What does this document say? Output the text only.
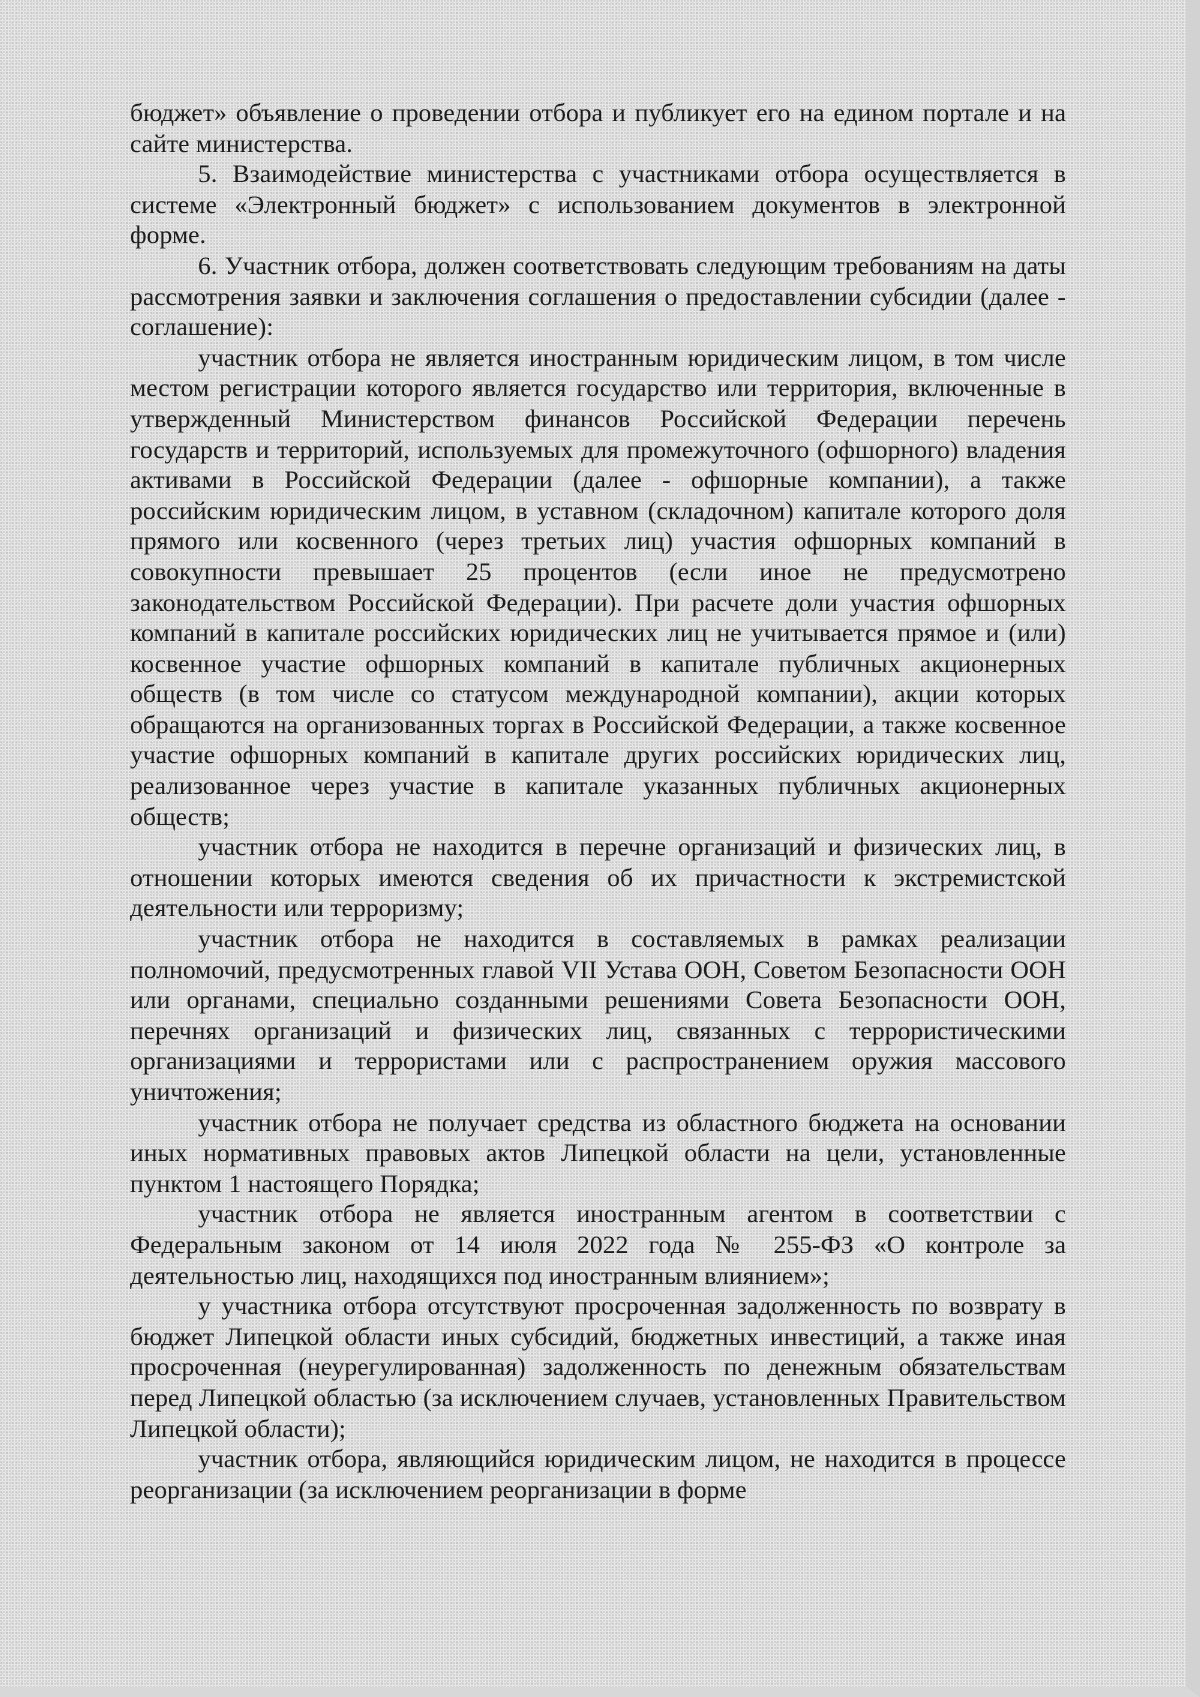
бюджет» объявление о проведении отбора и публикует его на едином портале и на сайте министерства.

5. Взаимодействие министерства с участниками отбора осуществляется в системе «Электронный бюджет» с использованием документов в электронной форме.

6. Участник отбора, должен соответствовать следующим требованиям на даты рассмотрения заявки и заключения соглашения о предоставлении субсидии (далее - соглашение):

участник отбора не является иностранным юридическим лицом, в том числе местом регистрации которого является государство или территория, включенные в утвержденный Министерством финансов Российской Федерации перечень государств и территорий, используемых для промежуточного (офшорного) владения активами в Российской Федерации (далее - офшорные компании), а также российским юридическим лицом, в уставном (складочном) капитале которого доля прямого или косвенного (через третьих лиц) участия офшорных компаний в совокупности превышает 25 процентов (если иное не предусмотрено законодательством Российской Федерации). При расчете доли участия офшорных компаний в капитале российских юридических лиц не учитывается прямое и (или) косвенное участие офшорных компаний в капитале публичных акционерных обществ (в том числе со статусом международной компании), акции которых обращаются на организованных торгах в Российской Федерации, а также косвенное участие офшорных компаний в капитале других российских юридических лиц, реализованное через участие в капитале указанных публичных акционерных обществ;

участник отбора не находится в перечне организаций и физических лиц, в отношении которых имеются сведения об их причастности к экстремистской деятельности или терроризму;

участник отбора не находится в составляемых в рамках реализации полномочий, предусмотренных главой VII Устава ООН, Советом Безопасности ООН или органами, специально созданными решениями Совета Безопасности ООН, перечнях организаций и физических лиц, связанных с террористическими организациями и террористами или с распространением оружия массового уничтожения;

участник отбора не получает средства из областного бюджета на основании иных нормативных правовых актов Липецкой области на цели, установленные пунктом 1 настоящего Порядка;

участник отбора не является иностранным агентом в соответствии с Федеральным законом от 14 июля 2022 года № 255-ФЗ «О контроле за деятельностью лиц, находящихся под иностранным влиянием»;

у участника отбора отсутствуют просроченная задолженность по возврату в бюджет Липецкой области иных субсидий, бюджетных инвестиций, а также иная просроченная (неурегулированная) задолженность по денежным обязательствам перед Липецкой областью (за исключением случаев, установленных Правительством Липецкой области);

участник отбора, являющийся юридическим лицом, не находится в процессе реорганизации (за исключением реорганизации в форме
